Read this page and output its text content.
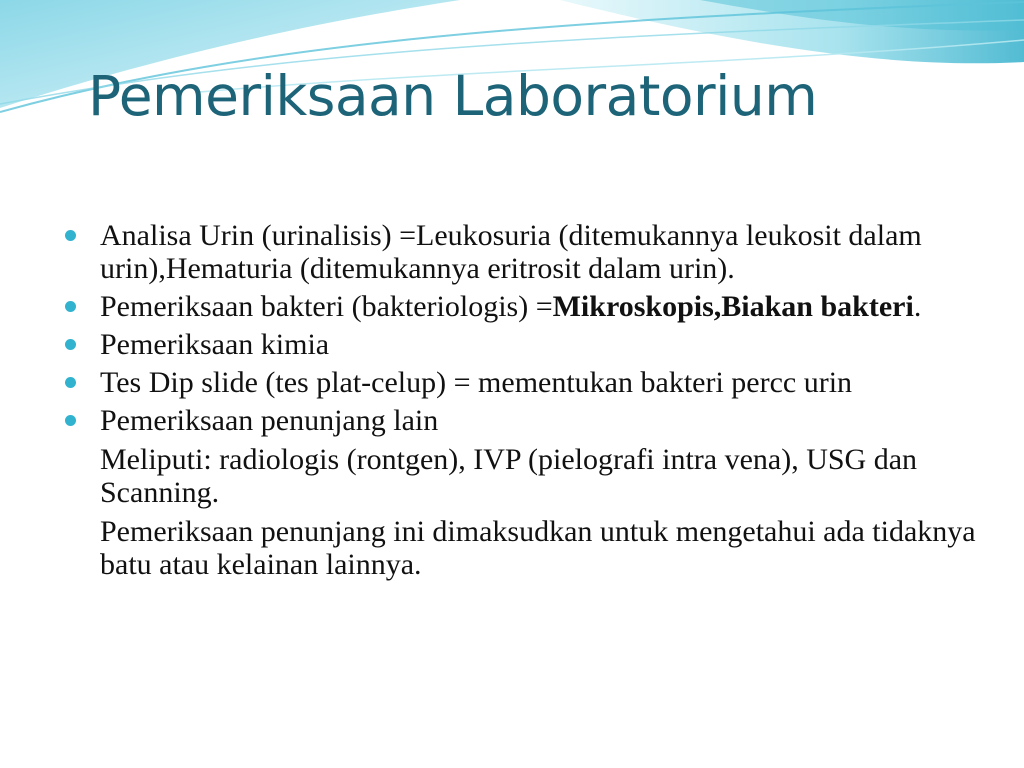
Pemeriksaan Laboratorium
Analisa Urin (urinalisis) =Leukosuria (ditemukannya leukosit dalam urin),Hematuria (ditemukannya eritrosit dalam urin).
Pemeriksaan bakteri (bakteriologis) =Mikroskopis,Biakan bakteri.
Pemeriksaan kimia
Tes Dip slide (tes plat-celup) = mementukan bakteri percc urin
Pemeriksaan penunjang lain
Meliputi: radiologis (rontgen), IVP (pielografi intra vena), USG dan Scanning.
Pemeriksaan penunjang ini dimaksudkan untuk mengetahui ada tidaknya batu atau kelainan lainnya.
